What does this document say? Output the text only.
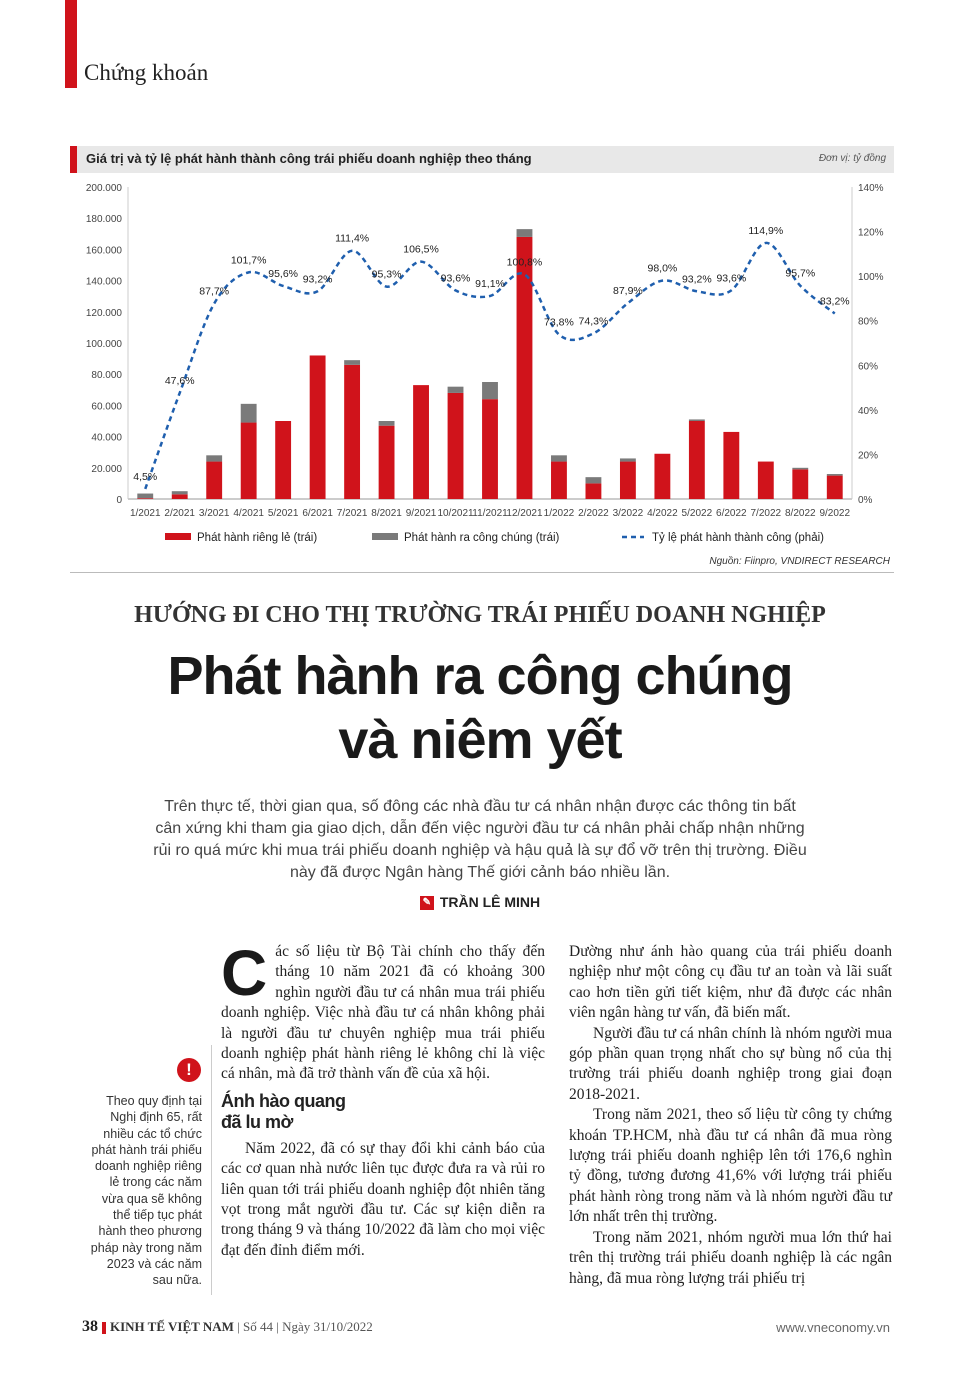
Chứng khoán
Giá trị và tỷ lệ phát hành thành công trái phiếu doanh nghiệp theo tháng	Đơn vị: tỷ đồng
0
20.000
40.000
60.000
80.000
100.000
120.000
140.000
160.000
180.000
200.000
0%
20%
40%
60%
80%
100%
120%
140%
1/2021 2/2021 3/2021 4/2021 5/2021 6/2021 7/2021 8/2021 9/2021 10/2021
11/2021
12/2021 1/2022 2/2022 3/2022 4/2022 5/2022 6/2022 7/2022 8/2022 9/2022
4,5%
47,6%
87,7%
101,7%
95,6% 93,2%
111,4%
95,3%
106,5%
93,6% 91,1%
100,8%
73,8% 74,3%
87,9%
98,0%
93,2% 93,6%
114,9%
95,7%
83,2%
Phát hành riêng lẻ (trái)	Phát hành ra công chúng (trái)	Tỷ lệ phát hành thành công (phải)
Nguồn: Fiinpro, VNDIRECT RESEARCH
HƯỚNG ĐI CHO THỊ TRƯỜNG TRÁI PHIẾU DOANH NGHIỆP
Phát hành ra công chúng
và niêm yết
Trên thực tế, thời gian qua, số đông các nhà đầu tư cá nhân nhận được các thông tin bất cân xứng khi tham gia giao dịch, dẫn đến việc người đầu tư cá nhân phải chấp nhận những rủi ro quá mức khi mua trái phiếu doanh nghiệp và hậu quả là sự đổ vỡ trên thị trường. Điều này đã được Ngân hàng Thế giới cảnh báo nhiều lần.
✎ TRẦN LÊ MINH
!
Theo quy định tại Nghị định 65, rất nhiều các tổ chức phát hành trái phiếu doanh nghiệp riêng lẻ trong các năm vừa qua sẽ không thể tiếp tục phát hành theo phương pháp này trong năm 2023 và các năm sau nữa.

Các số liệu từ Bộ Tài chính cho thấy đến tháng 10 năm 2021 đã có khoảng 300 nghìn người đầu tư cá nhân mua trái phiếu doanh nghiệp. Việc nhà đầu tư cá nhân không phải là người đầu tư chuyên nghiệp mua trái phiếu doanh nghiệp phát hành riêng lẻ không chỉ là việc cá nhân, mà đã trở thành vấn đề của xã hội.

Ánh hào quang
đã lu mờ

Năm 2022, đã có sự thay đổi khi cảnh báo của các cơ quan nhà nước liên tục được đưa ra và rủi ro liên quan tới trái phiếu doanh nghiệp đột nhiên tăng vọt trong mắt người đầu tư. Các sự kiện diễn ra trong tháng 9 và tháng 10/2022 đã làm cho mọi việc đạt đến đỉnh điểm mới.

Dường như ánh hào quang của trái phiếu doanh nghiệp như một công cụ đầu tư an toàn và lãi suất cao hơn tiền gửi tiết kiệm, như đã được các nhân viên ngân hàng tư vấn, đã biến mất.

Người đầu tư cá nhân chính là nhóm người mua góp phần quan trọng nhất cho sự bùng nổ của thị trường trái phiếu doanh nghiệp trong giai đoạn 2018-2021.

Trong năm 2021, theo số liệu từ công ty chứng khoán TP.HCM, nhà đầu tư cá nhân đã mua ròng lượng trái phiếu doanh nghiệp lên tới 176,6 nghìn tỷ đồng, tương đương 41,6% với lượng trái phiếu phát hành ròng trong năm và là nhóm người đầu tư lớn nhất trên thị trường.

Trong năm 2021, nhóm người mua lớn thứ hai trên thị trường trái phiếu doanh nghiệp là các ngân hàng, đã mua ròng lượng trái phiếu trị

38 KINH TẾ VIỆT NAM | Số 44 | Ngày 31/10/2022	www.vneconomy.vn
